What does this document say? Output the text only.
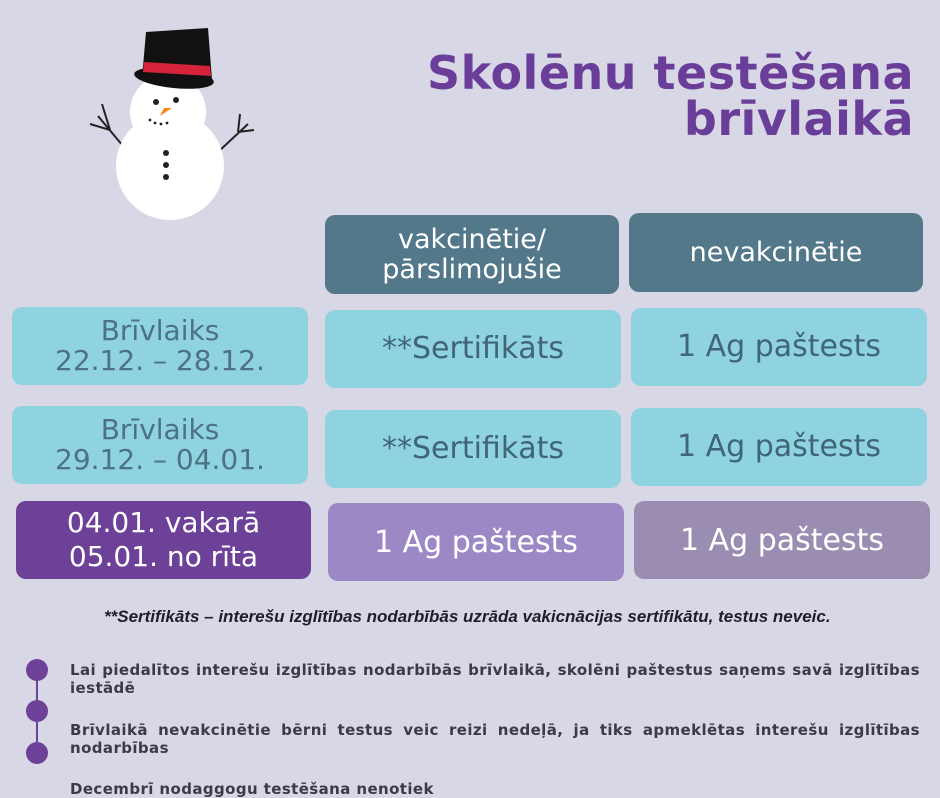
Skolēnu testēšana
brīvlaikā
vakcinētie/
pārslimojušie
nevakcinētie
Brīvlaiks
22.12. – 28.12.	**Sertifikāts	1 Ag paštests
Brīvlaiks
29.12. – 04.01.	**Sertifikāts	1 Ag paštests
04.01. vakarā
05.01. no rīta	1 Ag paštests	1 Ag paštests
**Sertifikāts – interešu izglītības nodarbībās uzrāda vakicnācijas sertifikātu, testus neveic.
Lai piedalītos interešu izglītības nodarbībās brīvlaikā, skolēni paštestus saņems savā izglītības iestādē
Brīvlaikā nevakcinētie bērni testus veic reizi nedeļā, ja tiks apmeklētas interešu izglītības nodarbības
Decembrī nodaggogu testēšana nenotiek
